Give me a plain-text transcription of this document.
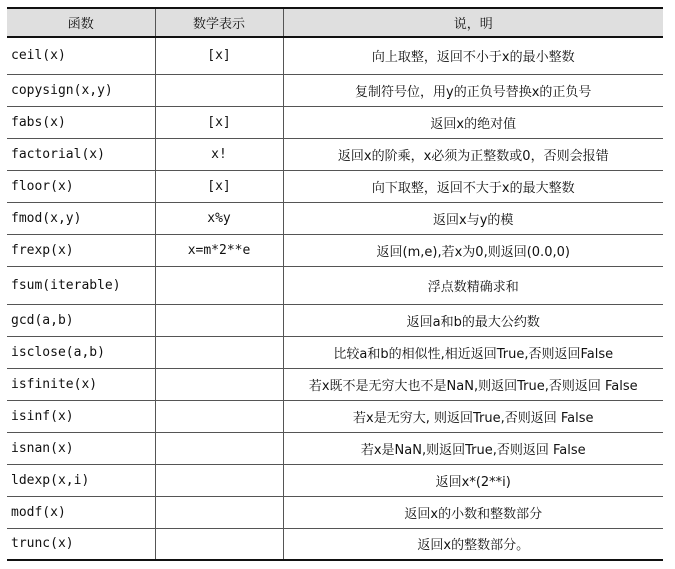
函数	数学表示	说，明
ceil(x)	[x]	向上取整，返回不小于x的最小整数
copysign(x,y)		复制符号位，用y的正负号替换x的正负号
fabs(x)	[x]	返回x的绝对值
factorial(x)	x!	返回x的阶乘，x必须为正整数或0，否则会报错
floor(x)	[x]	向下取整，返回不大于x的最大整数
fmod(x,y)	x%y	返回x与y的模
frexp(x)	x=m*2**e	返回(m,e),若x为0,则返回(0.0,0)
fsum(iterable)		浮点数精确求和
gcd(a,b)		返回a和b的最大公约数
isclose(a,b)		比较a和b的相似性,相近返回True,否则返回False
isfinite(x)		若x既不是无穷大也不是NaN,则返回True,否则返回 False
isinf(x)		若x是无穷大, 则返回True,否则返回 False
isnan(x)		若x是NaN,则返回True,否则返回 False
ldexp(x,i)		返回x*(2**i)
modf(x)		返回x的小数和整数部分
trunc(x)		返回x的整数部分。
